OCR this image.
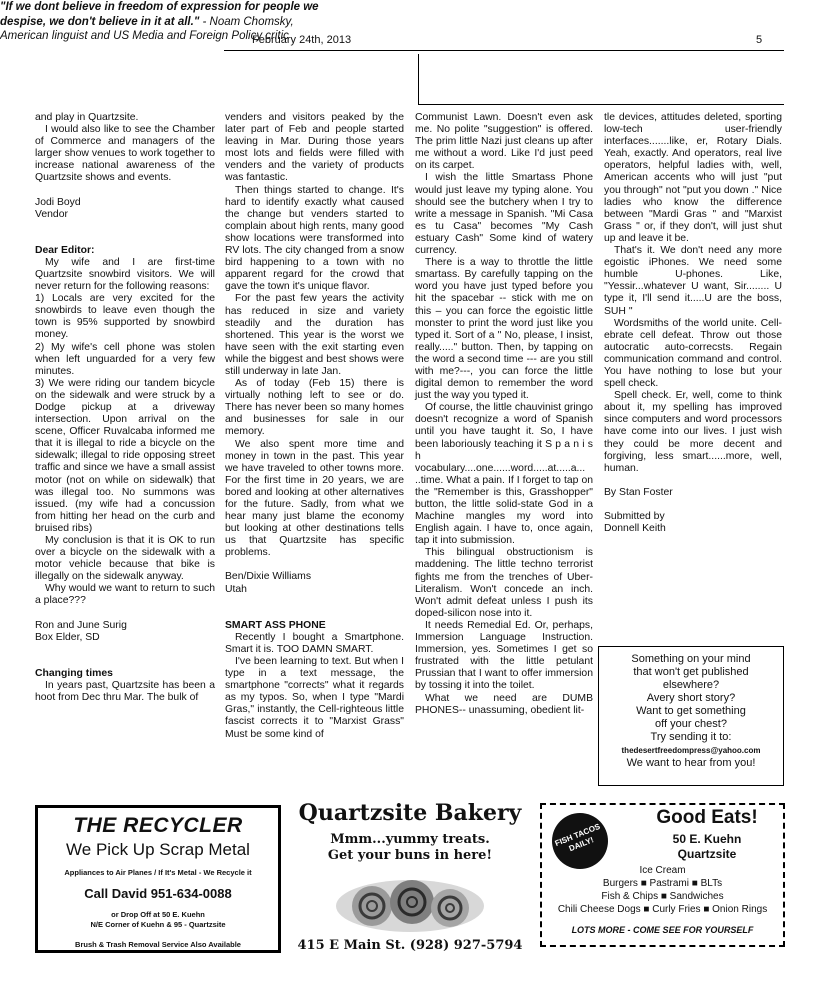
February 24th, 2013	5
"If we dont believe in freedom of expression for people we despise, we don't believe in it at all." - Noam Chomsky, American linguist and US Media and Foreign Policy critic

and play in Quartzsite.

I would also like to see the Chamber of Commerce and managers of the larger show venues to work together to increase national awareness of the Quartzsite shows and events.

Jodi Boyd

Vendor

Dear Editor:

My wife and I are first-time Quartzsite snowbird visitors. We will never return for the following reasons:

1) Locals are very excited for the snowbirds to leave even though the town is 95% supported by snowbird money.

2) My wife's cell phone was stolen when left unguarded for a very few minutes.

3) We were riding our tandem bicycle on the sidewalk and were struck by a Dodge pickup at a driveway intersection. Upon arrival on the scene, Officer Ruvalcaba informed me that it is illegal to ride a bicycle on the sidewalk; illegal to ride opposing street traffic and since we have a small assist motor (not on while on sidewalk) that was illegal too. No summons was issued. (my wife had a concussion from hitting her head on the curb and bruised ribs)

My conclusion is that it is OK to run over a bicycle on the sidewalk with a motor vehicle because that bike is illegally on the sidewalk anyway.

Why would we want to return to such a place???

Ron and June Surig

Box Elder, SD

Changing times

In years past, Quartzsite has been a hoot from Dec thru Mar. The bulk of

venders and visitors peaked by the later part of Feb and people started leaving in Mar. During those years most lots and fields were filled with venders and the variety of products was fantastic.

Then things started to change. It's hard to identify exactly what caused the change but venders started to complain about high rents, many good show locations were transformed into RV lots. The city changed from a snow bird happening to a town with no apparent regard for the crowd that gave the town it's unique flavor.

For the past few years the activity has reduced in size and variety steadily and the duration has shortened. This year is the worst we have seen with the exit starting even while the biggest and best shows were still underway in late Jan.

As of today (Feb 15) there is virtually nothing left to see or do. There has never been so many homes and businesses for sale in our memory.

We also spent more time and money in town in the past. This year we have traveled to other towns more. For the first time in 20 years, we are bored and looking at other alternatives for the future. Sadly, from what we hear many just blame the economy but looking at other destinations tells us that Quartzsite has specific problems.

Ben/Dixie Williams

Utah

SMART ASS PHONE

Recently I bought a Smartphone. Smart it is. TOO DAMN SMART.

I've been learning to text. But when I type in a text message, the smartphone "corrects" what it regards as my typos. So, when I type "Mardi Gras," instantly, the Cell-righteous little fascist corrects it to "Marxist Grass" Must be some kind of

Communist Lawn. Doesn't even ask me. No polite "suggestion" is offered. The prim little Nazi just cleans up after me without a word. Like I'd just peed on its carpet.

I wish the little Smartass Phone would just leave my typing alone. You should see the butchery when I try to write a message in Spanish. "Mi Casa es tu Casa" becomes "My Cash estuary Cash" Some kind of watery currency.

There is a way to throttle the little smartass. By carefully tapping on the word you have just typed before you hit the spacebar -- stick with me on this – you can force the egoistic little monster to print the word just like you typed it. Sort of a " No, please, I insist, really....." button. Then, by tapping on the word a second time --- are you still with me?---, you can force the little digital demon to remember the word just the way you typed it.

Of course, the little chauvinist gringo doesn't recognize a word of Spanish until you have taught it. So, I have been laboriously teaching it S p a n i s h vocabulary....one......word.....at.....a... ..time. What a pain. If I forget to tap on the "Remember is this, Grasshopper" button, the little solid-state God in a Machine mangles my word into English again. I have to, once again, tap it into submission.

This bilingual obstructionism is maddening. The little techno terrorist fights me from the trenches of Uber- Literalism. Won't concede an inch. Won't admit defeat unless I push its doped-silicon nose into it.

It needs Remedial Ed. Or, perhaps, Immersion Language Instruction. Immersion, yes. Sometimes I get so frustrated with the little petulant Prussian that I want to offer immersion by tossing it into the toilet.

What we need are DUMB PHONES-- unassuming, obedient lit-

tle devices, attitudes deleted, sporting low-tech user-friendly interfaces.......like, er, Rotary Dials. Yeah, exactly. And operators, real live operators, helpful ladies with, well, American accents who will just "put you through" not "put you down ." Nice ladies who know the difference between "Mardi Gras " and "Marxist Grass " or, if they don't, will just shut up and leave it be.

That's it. We don't need any more egoistic iPhones. We need some humble U-phones. Like, "Yessir...whatever U want, Sir........ U type it, I'll send it.....U are the boss, SUH "

Wordsmiths of the world unite. Cell-ebrate cell defeat. Throw out those autocratic auto-correcsts. Regain communication command and control. You have nothing to lose but your spell check.

Spell check. Er, well, come to think about it, my spelling has improved since computers and word processors have come into our lives. I just wish they could be more decent and forgiving, less smart......more, well, human.

By Stan Foster

Submitted by

Donnell Keith

Something on your mind

that won't get published

elsewhere?

Avery short story?

Want to get something

off your chest?

Try sending it to:

thedesertfreedompress@yahoo.com

We want to hear from you!

THE RECYCLER
We Pick Up Scrap Metal
Appliances to Air Planes / If It's Metal - We Recycle it
Call David 951-634-0088
or Drop Off at 50 E. Kuehn
N/E Corner of Kuehn & 95 - Quartzsite
Brush & Trash Removal Service Also Available
Quartzsite Bakery
Mmm...yummy treats.
Get your buns in here!
415 E Main St. (928) 927-5794
FISH TACOS DAILY!
Good Eats!
50 E. Kuehn
Quartzsite
Ice Cream
Burgers ■ Pastrami ■ BLTs
Fish & Chips ■ Sandwiches
Chili Cheese Dogs ■ Curly Fries ■ Onion Rings
LOTS MORE - COME SEE FOR YOURSELF
